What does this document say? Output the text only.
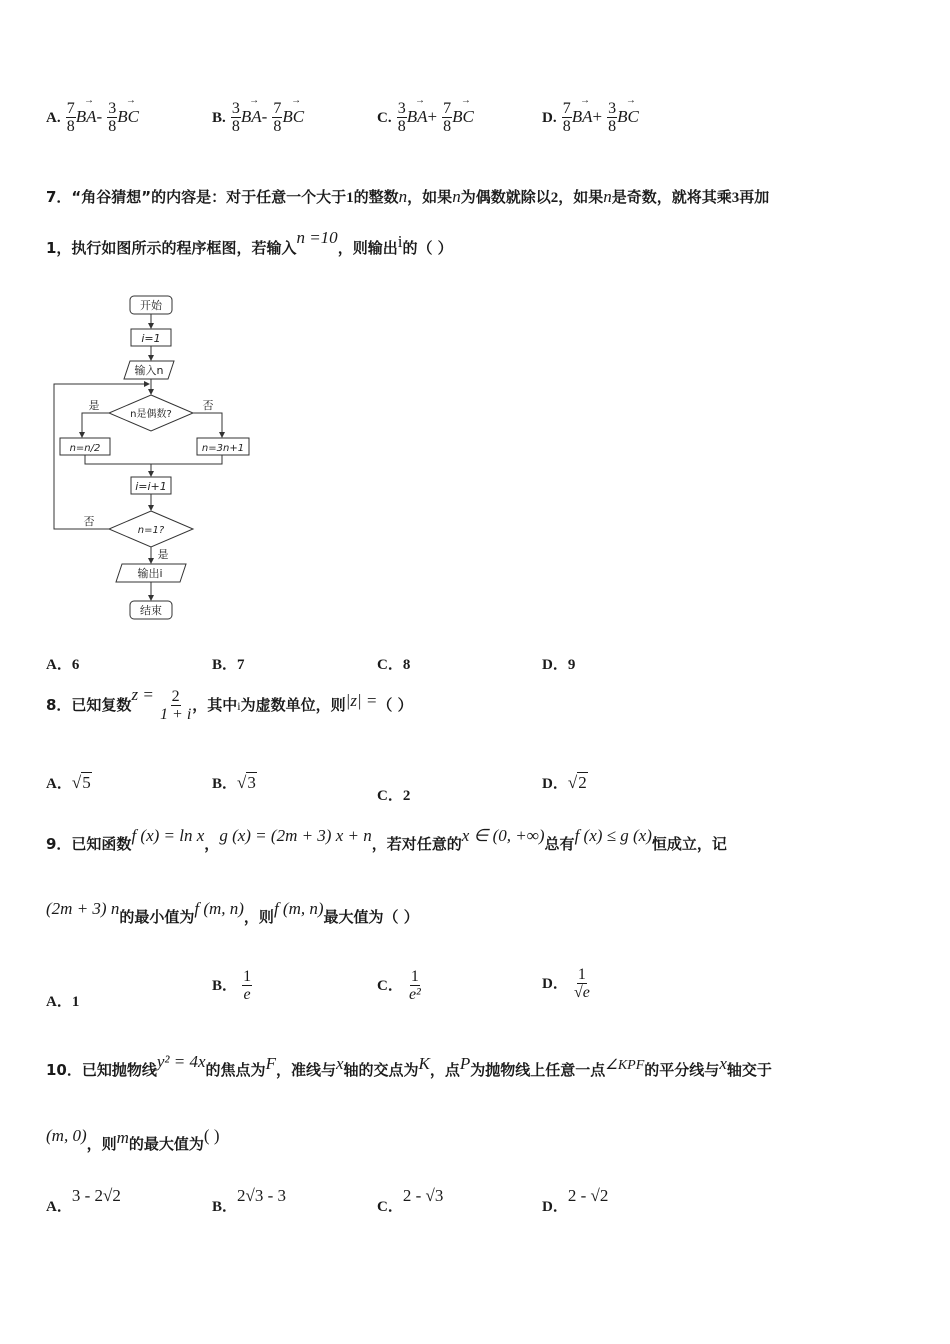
A. $\frac{7}{8}$
→ $BA- \frac{3}{8}$
→ BC	B. $\frac{3}{8}$
→ $BA- \frac{7}{8}$
→ BC	C. $\frac{3}{8}$
→ $BA+ \frac{7}{8}$
→ BC	D. $\frac{7}{8}$
→ $BA+ \frac{3}{8}$
→ BC
7．“角谷猜想”的内容是：对于任意一个大于1的整数n，如果n为偶数就除以2，如果n是奇数，就将其乘3再加
1，执行如图所示的程序框图，若输入n =10，则输出i的（ ）
开始
i=1
输入n
n是偶数?
是	否
n=n/2	n=3n+1
i=i+1
n=1?
否
是
输出i
结束
A．6	B．7	C．8	D．9
8．已知复数$z = \frac{2}{1 + i}$ ，其中i为虚数单位，则|z| =（ ）
A．√5	B．√3
C．2
D．√2
9．已知函数f (x) = ln x，g (x) = (2m + 3) x + n，若对任意的x ∈ (0, +∞)总有f (x) ≤ g (x)恒成立，记
(2m + 3) n的最小值为f (m, n)，则f (m, n)最大值为（ ）
A．1
B． $\frac{1}{e}$	C． $\frac{1}{\text{e²}}$	D． $\frac{1}{√e}$
10．已知抛物线y² = 4x的焦点为F，准线与x轴的交点为K，点P为抛物线上任意一点∠KPF的平分线与x轴交于
(m, 0)，则m的最大值为( )
A．3 - 2√2
B．2√3 - 3
C．2 - √3
D．2 - √2
